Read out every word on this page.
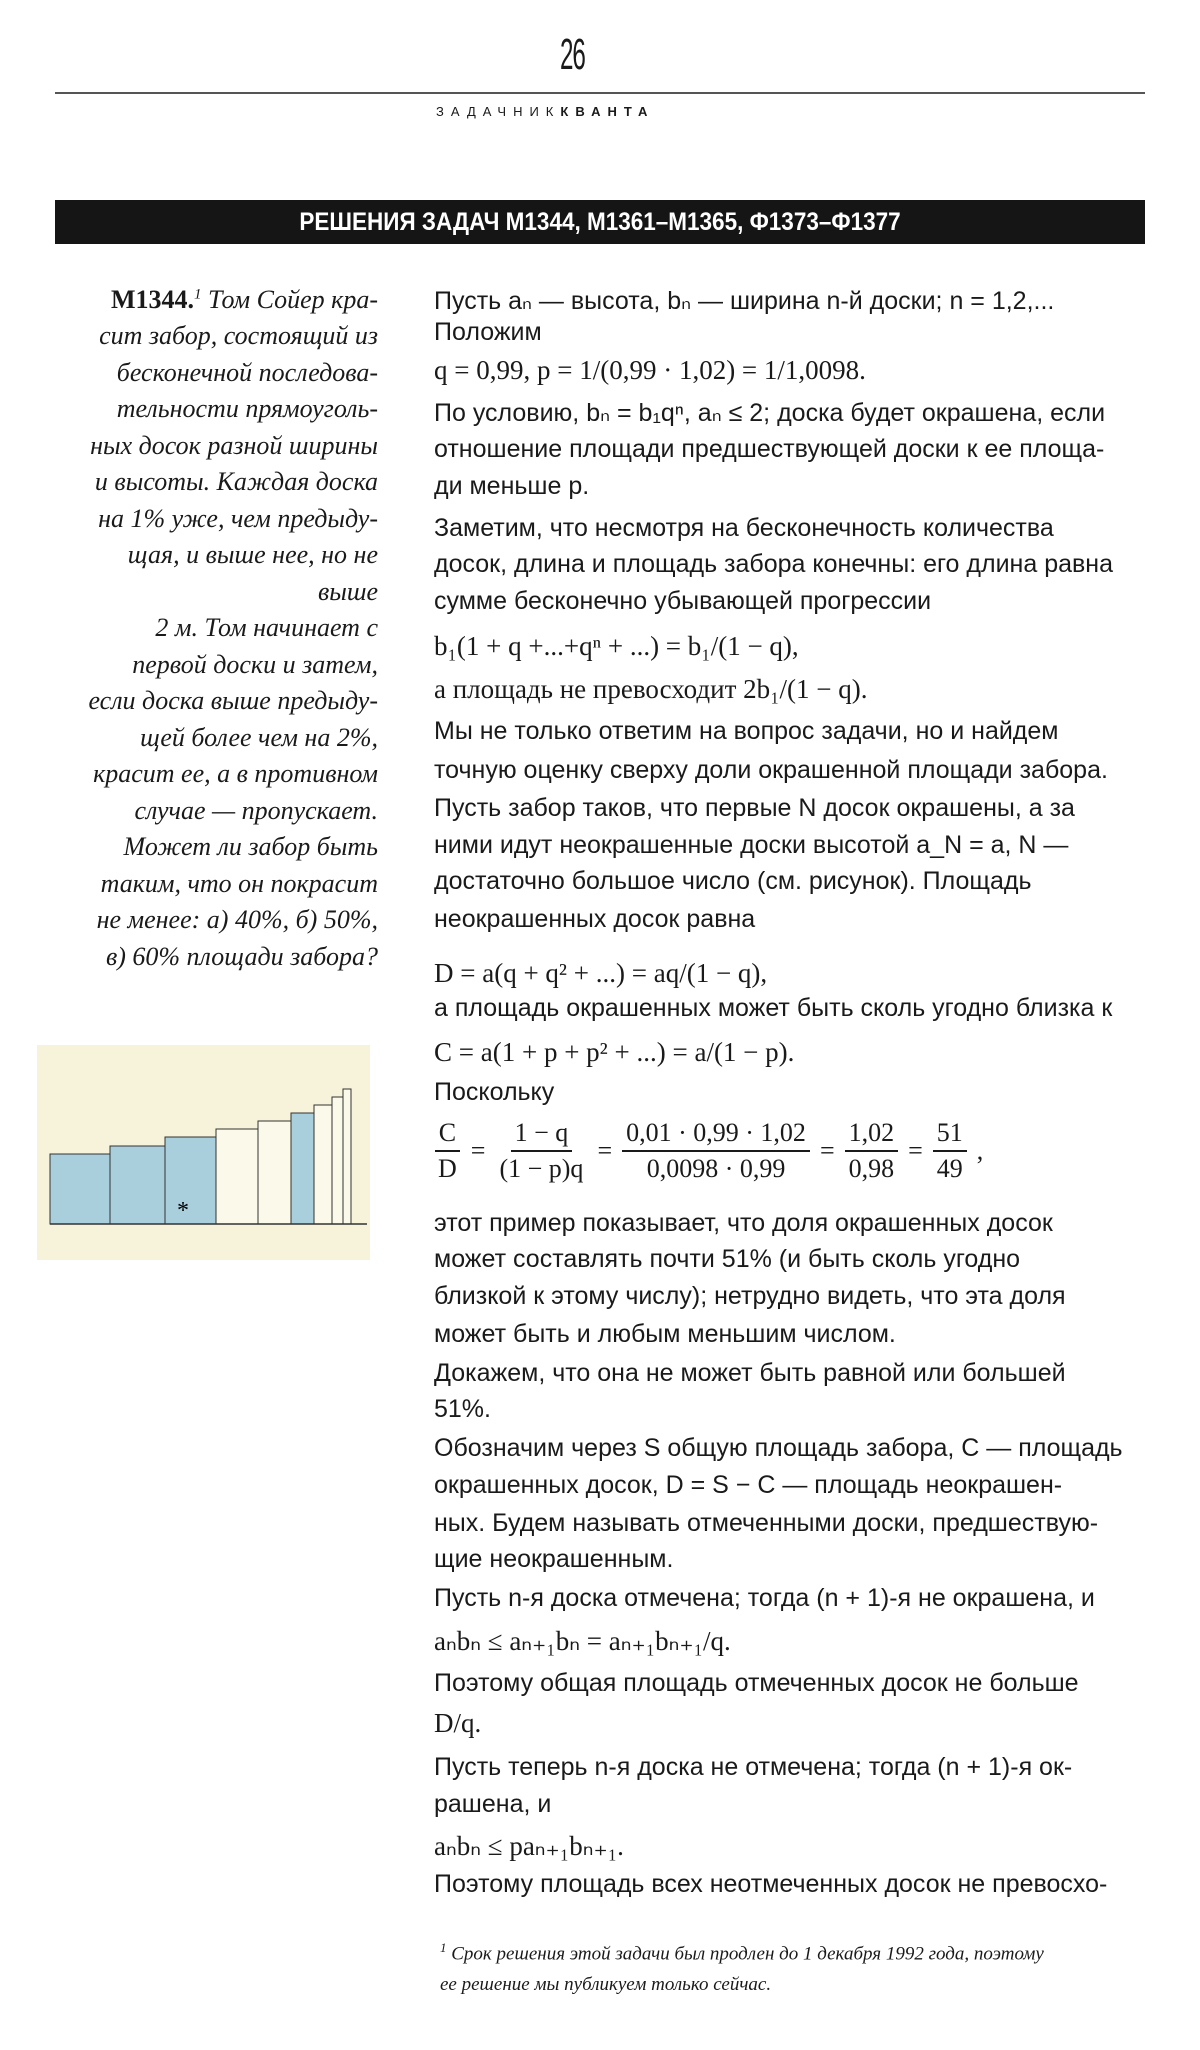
26
ЗАДАЧНИККВАНТА
РЕШЕНИЯ ЗАДАЧ М1344, М1361–М1365, Ф1373–Ф1377
М1344.$^1$ Том Сойер кра-
сит забор, состоящий из
бесконечной последова-
тельности прямоуголь-
ных досок разной ширины
и высоты. Каждая доска
на 1% уже, чем предыду-
щая, и выше нее, но не
выше
2 м. Том начинает с
первой доски и затем,
если доска выше предыду-
щей более чем на 2%,
красит ее, а в противном
случае — пропускает.
Может ли забор быть
таким, что он покрасит
не менее: а) 40%, б) 50%,
в) 60% площади забора?
*
Пусть aₙ — высота, bₙ — ширина n-й доски; n = 1,2,...
Положим
q = 0,99, p = 1/(0,99 · 1,02) = 1/1,0098.
По условию, bₙ = b₁qⁿ, aₙ ≤ 2; доска будет окрашена, если
отношение площади предшествующей доски к ее площа-
ди меньше p.
Заметим, что несмотря на бесконечность количества
досок, длина и площадь забора конечны: его длина равна
сумме бесконечно убывающей прогрессии
b₁(1 + q +...+qⁿ + ...) = b₁/(1 − q),
а площадь не превосходит 2b₁/(1 − q).
Мы не только ответим на вопрос задачи, но и найдем
точную оценку сверху доли окрашенной площади забора.
Пусть забор таков, что первые N досок окрашены, а за
ними идут неокрашенные доски высотой a_N = a, N —
достаточно большое число (см. рисунок). Площадь
неокрашенных досок равна
D = a(q + q² + ...) = aq/(1 − q),
а площадь окрашенных может быть сколь угодно близка к
C = a(1 + p + p² + ...) = a/(1 − p).
Поскольку
этот пример показывает, что доля окрашенных досок
может составлять почти 51% (и быть сколь угодно
близкой к этому числу); нетрудно видеть, что эта доля
может быть и любым меньшим числом.
Докажем, что она не может быть равной или большей
51%.
Обозначим через S общую площадь забора, C — площадь
окрашенных досок, D = S − C — площадь неокрашен-
ных. Будем называть отмеченными доски, предшествую-
щие неокрашенным.
Пусть n-я доска отмечена; тогда (n + 1)-я не окрашена, и
aₙbₙ ≤ aₙ₊₁bₙ = aₙ₊₁bₙ₊₁/q.
Поэтому общая площадь отмеченных досок не больше
D/q.
Пусть теперь n-я доска не отмечена; тогда (n + 1)-я ок-
рашена, и
aₙbₙ ≤ paₙ₊₁bₙ₊₁.
Поэтому площадь всех неотмеченных досок не превосхо-
$\frac{C}{D} = \frac{1 - q}{(1 - p)q} = \frac{0,01 \cdot 0,99 \cdot 1,02}{0,0098 \cdot 0,99} = \frac{1,02}{0,98} = \frac{51}{49}$ ,
$^1$ Срок решения этой задачи был продлен до 1 декабря 1992 года, поэтому
ее решение мы публикуем только сейчас.
